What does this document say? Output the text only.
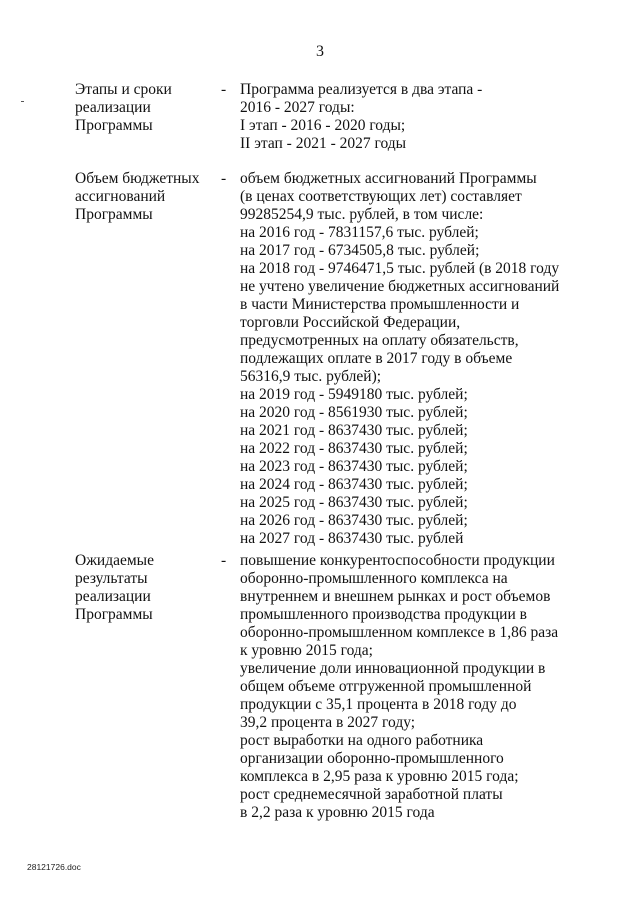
3
Этапы и сроки
реализации
Программы
- Программа реализуется в два этапа -
2016 - 2027 годы:
I этап - 2016 - 2020 годы;
II этап - 2021 - 2027 годы
Объем бюджетных
ассигнований
Программы
- объем бюджетных ассигнований Программы
(в ценах соответствующих лет) составляет
99285254,9 тыс. рублей, в том числе:
на 2016 год - 7831157,6 тыс. рублей;
на 2017 год - 6734505,8 тыс. рублей;
на 2018 год - 9746471,5 тыс. рублей (в 2018 году
не учтено увеличение бюджетных ассигнований
в части Министерства промышленности и
торговли Российской Федерации,
предусмотренных на оплату обязательств,
подлежащих оплате в 2017 году в объеме
56316,9 тыс. рублей);
на 2019 год - 5949180 тыс. рублей;
на 2020 год - 8561930 тыс. рублей;
на 2021 год - 8637430 тыс. рублей;
на 2022 год - 8637430 тыс. рублей;
на 2023 год - 8637430 тыс. рублей;
на 2024 год - 8637430 тыс. рублей;
на 2025 год - 8637430 тыс. рублей;
на 2026 год - 8637430 тыс. рублей;
на 2027 год - 8637430 тыс. рублей
Ожидаемые
результаты
реализации
Программы
- повышение конкурентоспособности продукции
оборонно-промышленного комплекса на
внутреннем и внешнем рынках и рост объемов
промышленного производства продукции в
оборонно-промышленном комплексе в 1,86 раза
к уровню 2015 года;
увеличение доли инновационной продукции в
общем объеме отгруженной промышленной
продукции с 35,1 процента в 2018 году до
39,2 процента в 2027 году;
рост выработки на одного работника
организации оборонно-промышленного
комплекса в 2,95 раза к уровню 2015 года;
рост среднемесячной заработной платы
в 2,2 раза к уровню 2015 года
28121726.doc
